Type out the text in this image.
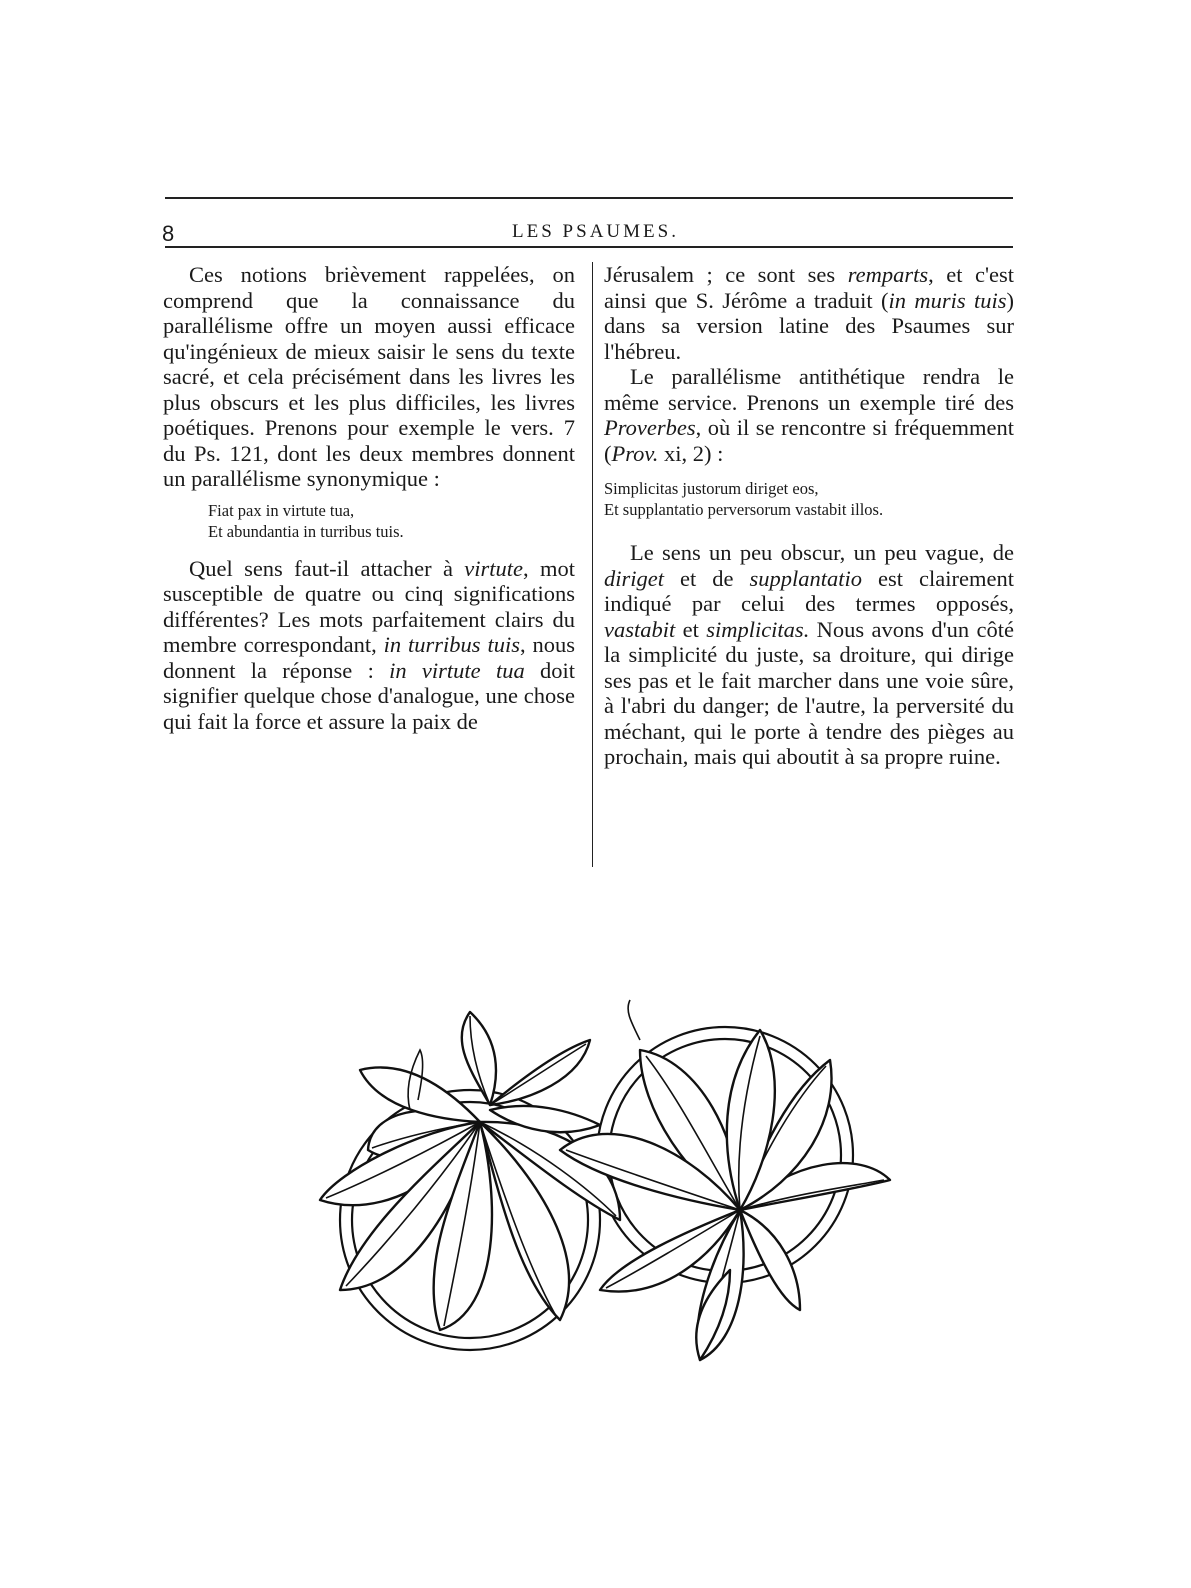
8	LES PSAUMES.

Ces notions brièvement rappelées, on comprend que la connaissance du parallélisme offre un moyen aussi efficace qu'ingénieux de mieux saisir le sens du texte sacré, et cela précisément dans les livres les plus obscurs et les plus difficiles, les livres poétiques. Prenons pour exemple le vers. 7 du Ps. 121, dont les deux membres donnent un parallélisme synonymique :

Fiat pax in virtute tua,
Et abundantia in turribus tuis.

Quel sens faut-il attacher à virtute, mot susceptible de quatre ou cinq significations différentes? Les mots parfaitement clairs du membre correspondant, in turribus tuis, nous donnent la réponse : in virtute tua doit signifier quelque chose d'analogue, une chose qui fait la force et assure la paix de

Jérusalem ; ce sont ses remparts, et c'est ainsi que S. Jérôme a traduit (in muris tuis) dans sa version latine des Psaumes sur l'hébreu.

Le parallélisme antithétique rendra le même service. Prenons un exemple tiré des Proverbes, où il se rencontre si fréquemment (Prov. xi, 2) :

Simplicitas justorum diriget eos,
Et supplantatio perversorum vastabit illos.

Le sens un peu obscur, un peu vague, de diriget et de supplantatio est clairement indiqué par celui des termes opposés, vastabit et simplicitas. Nous avons d'un côté la simplicité du juste, sa droiture, qui dirige ses pas et le fait marcher dans une voie sûre, à l'abri du danger; de l'autre, la perversité du méchant, qui le porte à tendre des pièges au prochain, mais qui aboutit à sa propre ruine.
